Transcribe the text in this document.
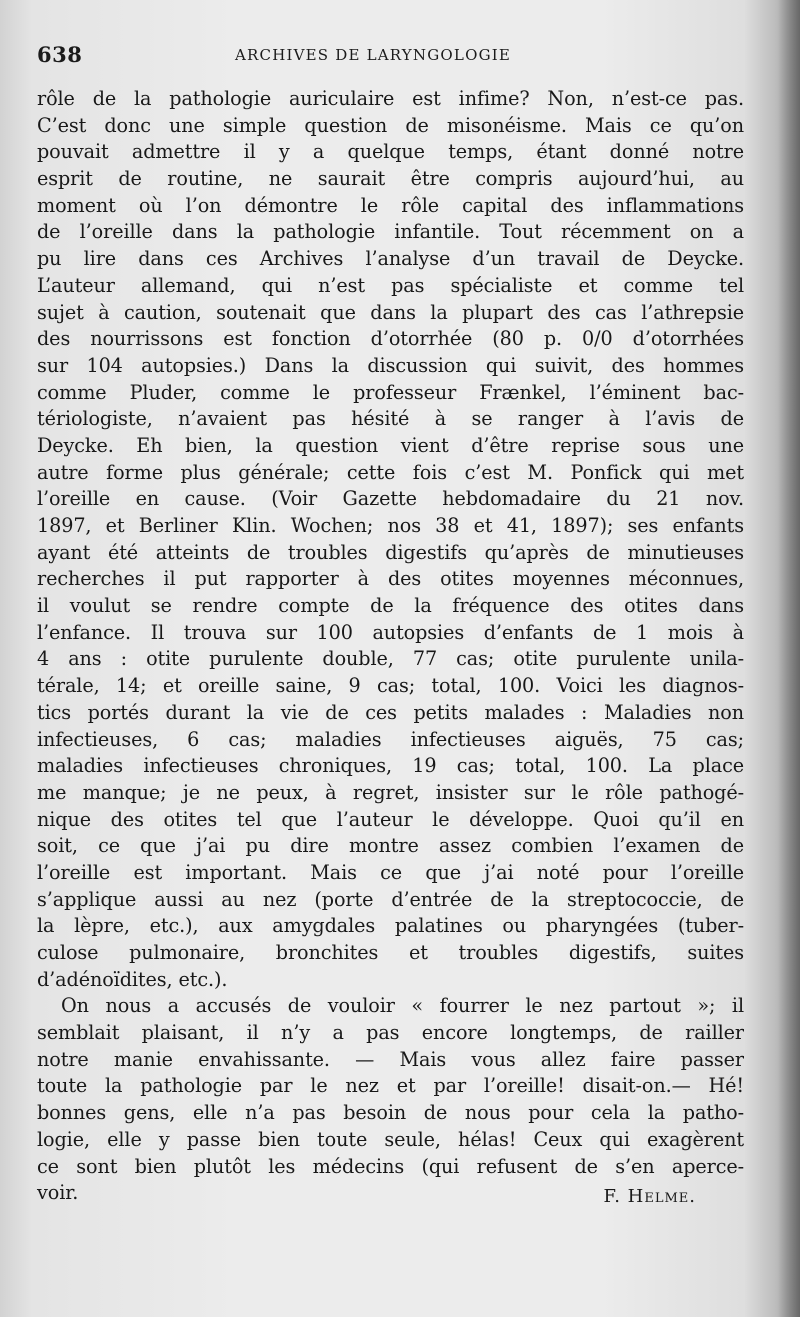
638	ARCHIVES DE LARYNGOLOGIE
rôle de la pathologie auriculaire est infime? Non, n’est-ce pas.
C’est donc une simple question de misonéisme. Mais ce qu’on
pouvait admettre il y a quelque temps, étant donné notre
esprit de routine, ne saurait être compris aujourd’hui, au
moment où l’on démontre le rôle capital des inflammations
de l’oreille dans la pathologie infantile. Tout récemment on a
pu lire dans ces Archives l’analyse d’un travail de Deycke.
L’auteur allemand, qui n’est pas spécialiste et comme tel
sujet à caution, soutenait que dans la plupart des cas l’athrepsie
des nourrissons est fonction d’otorrhée (80 p. 0/0 d’otorrhées
sur 104 autopsies.) Dans la discussion qui suivit, des hommes
comme Pluder, comme le professeur Frænkel, l’éminent bac-
tériologiste, n’avaient pas hésité à se ranger à l’avis de
Deycke. Eh bien, la question vient d’être reprise sous une
autre forme plus générale; cette fois c’est M. Ponfick qui met
l’oreille en cause. (Voir Gazette hebdomadaire du 21 nov.
1897, et Berliner Klin. Wochen; nos 38 et 41, 1897); ses enfants
ayant été atteints de troubles digestifs qu’après de minutieuses
recherches il put rapporter à des otites moyennes méconnues,
il voulut se rendre compte de la fréquence des otites dans
l’enfance. Il trouva sur 100 autopsies d’enfants de 1 mois à
4 ans : otite purulente double, 77 cas; otite purulente unila-
térale, 14; et oreille saine, 9 cas; total, 100. Voici les diagnos-
tics portés durant la vie de ces petits malades : Maladies non
infectieuses, 6 cas; maladies infectieuses aiguës, 75 cas;
maladies infectieuses chroniques, 19 cas; total, 100. La place
me manque; je ne peux, à regret, insister sur le rôle pathogé-
nique des otites tel que l’auteur le développe. Quoi qu’il en
soit, ce que j’ai pu dire montre assez combien l’examen de
l’oreille est important. Mais ce que j’ai noté pour l’oreille
s’applique aussi au nez (porte d’entrée de la streptococcie, de
la lèpre, etc.), aux amygdales palatines ou pharyngées (tuber-
culose pulmonaire, bronchites et troubles digestifs, suites
d’adénoïdites, etc.).
On nous a accusés de vouloir « fourrer le nez partout »; il
semblait plaisant, il n’y a pas encore longtemps, de railler
notre manie envahissante. — Mais vous allez faire passer
toute la pathologie par le nez et par l’oreille! disait-on.— Hé!
bonnes gens, elle n’a pas besoin de nous pour cela la patho-
logie, elle y passe bien toute seule, hélas! Ceux qui exagèrent
ce sont bien plutôt les médecins (qui refusent de s’en aperce-
voir.	F. Helme.
